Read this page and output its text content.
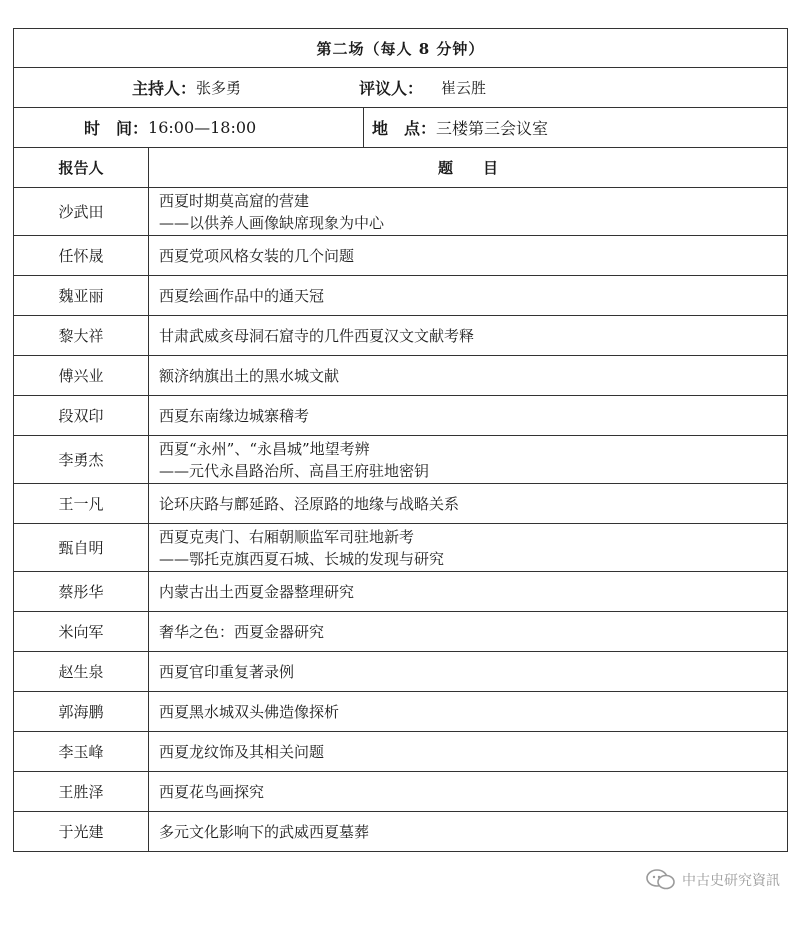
第二场（每人 8 分钟）		

主持人： 张多勇 评议人： 崔云胜		

时　间： 16:00—18:00		地　点： 三楼第三会议室

报告人	题　　目	
沙武田	西夏时期莫高窟的营建
——以供养人画像缺席现象为中心	

任怀晟	西夏党项风格女装的几个问题	

魏亚丽	西夏绘画作品中的通天冠	

黎大祥	甘肃武威亥母洞石窟寺的几件西夏汉文文献考释	

傅兴业	额济纳旗出土的黑水城文献	

段双印	西夏东南缘边城寨稽考	

李勇杰	西夏“永州”、“永昌城”地望考辨
——元代永昌路治所、高昌王府驻地密钥	

王一凡	论环庆路与鄜延路、泾原路的地缘与战略关系	

甄自明	西夏克夷门、右厢朝顺监军司驻地新考
——鄂托克旗西夏石城、长城的发现与研究	

蔡彤华	内蒙古出土西夏金器整理研究	

米向军	奢华之色：西夏金器研究	

赵生泉	西夏官印重复著录例	

郭海鹏	西夏黑水城双头佛造像探析	

李玉峰	西夏龙纹饰及其相关问题	

王胜泽	西夏花鸟画探究	

于光建	多元文化影响下的武威西夏墓葬	
中古史研究資訊
